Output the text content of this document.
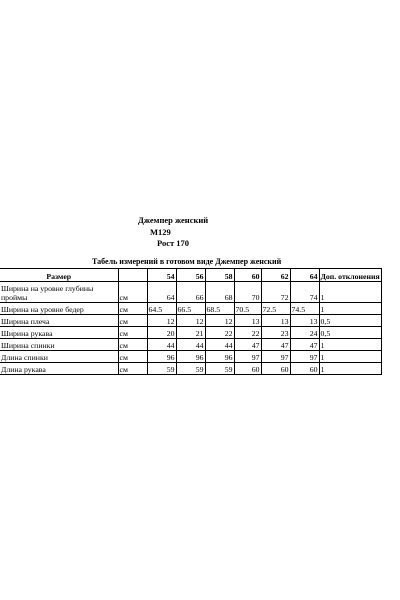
Джемпер женский
М129
Рост 170
Табель измерений в готовом виде Джемпер женский
Размер		54	56	58	60	62	64	Доп. отклонения
Ширина на уровне глубины проймы	см	64	66	68	70	72	74	1
Ширина на уровне бедер	см	64.5	66.5	68.5	70.5	72.5	74.5	1
Ширина плеча	см	12	12	12	13	13	13	0,5
Ширина рукава	см	20	21	22	22	23	24	0,5
Ширина спинки	см	44	44	44	47	47	47	1
Длина спинки	см	96	96	96	97	97	97	1
Длина рукава	см	59	59	59	60	60	60	1
